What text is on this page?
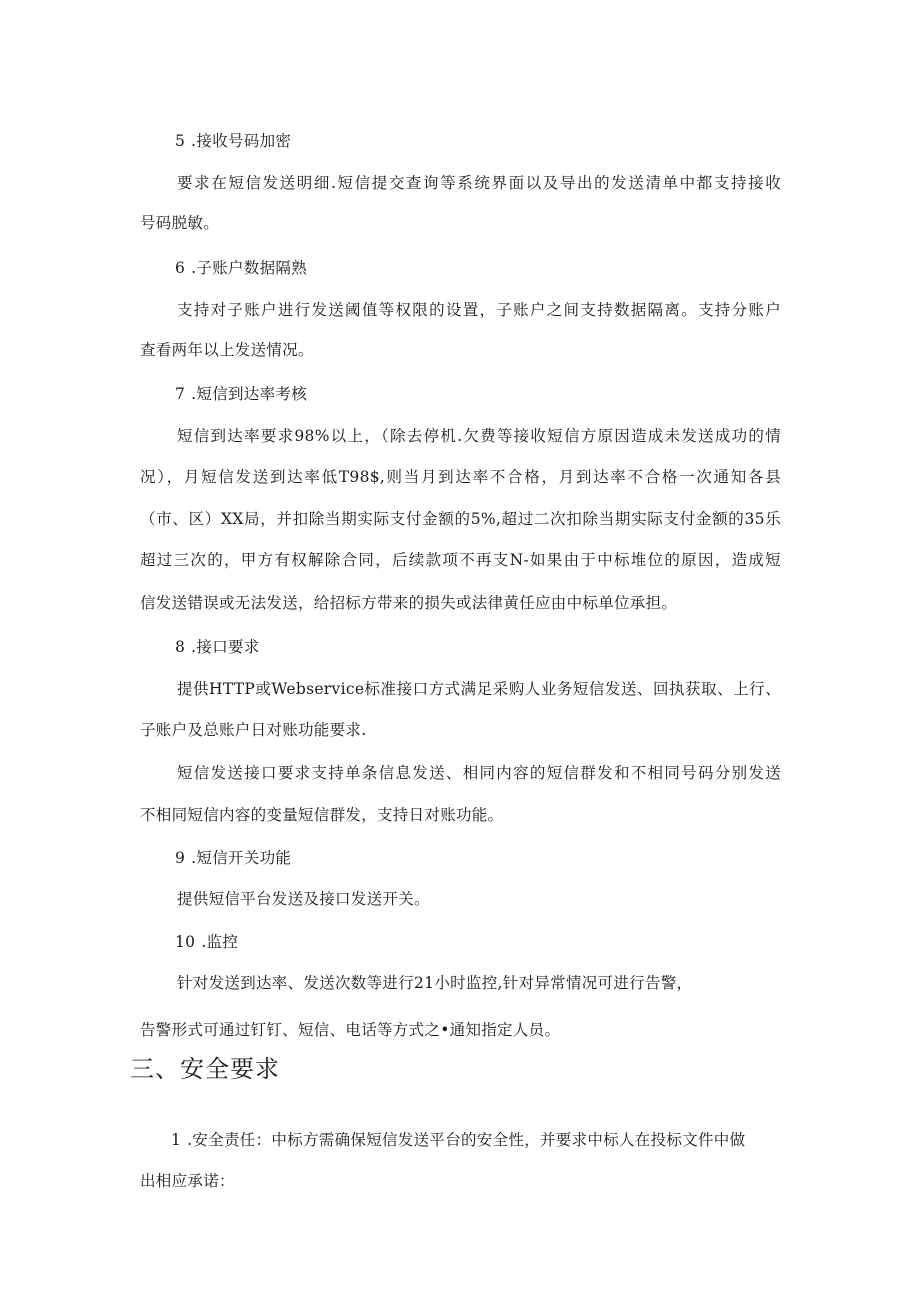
5 .接收号码加密
要求在短信发送明细.短信提交查询等系统界面以及导出的发送清单中都支持接收
号码脱敏。
6 .子账户数据隔熟
支持对子账户进行发送阈值等权限的设置，子账户之间支持数据隔离。支持分账户
查看两年以上发送情况。
7 .短信到达率考核
短信到达率要求98%以上，（除去停机.欠费等接收短信方原因造成未发送成功的情
况），月短信发送到达率低T98$,则当月到达率不合格，月到达率不合格一次通知各县
（市、区）XX局，并扣除当期实际支付金额的5%,超过二次扣除当期实际支付金额的35乐
超过三次的，甲方有权解除合同，后续款项不再支N-如果由于中标堆位的原因，造成短
信发送错误或无法发送，给招标方带来的损失或法律黄任应由中标单位承担。
8 .接口要求
提供HTTP或Webservice标准接口方式满足采购人业务短信发送、回执获取、上行、
子账户及总账户日对账功能要求.
短信发送接口要求支持单条信息发送、相同内容的短信群发和不相同号码分别发送
不相同短信内容的变量短信群发，支持日对账功能。
9 .短信开关功能
提供短信平台发送及接口发送开关。
10 .监控
针对发送到达率、发送次数等进行21小时监控,针对异常情况可进行告警，
告警形式可通过钉钉、短信、电话等方式之•通知指定人员。
三、安全要求
1 .安全责任：中标方需确保短信发送平台的安全性，并要求中标人在投标文件中做
出相应承诺：
